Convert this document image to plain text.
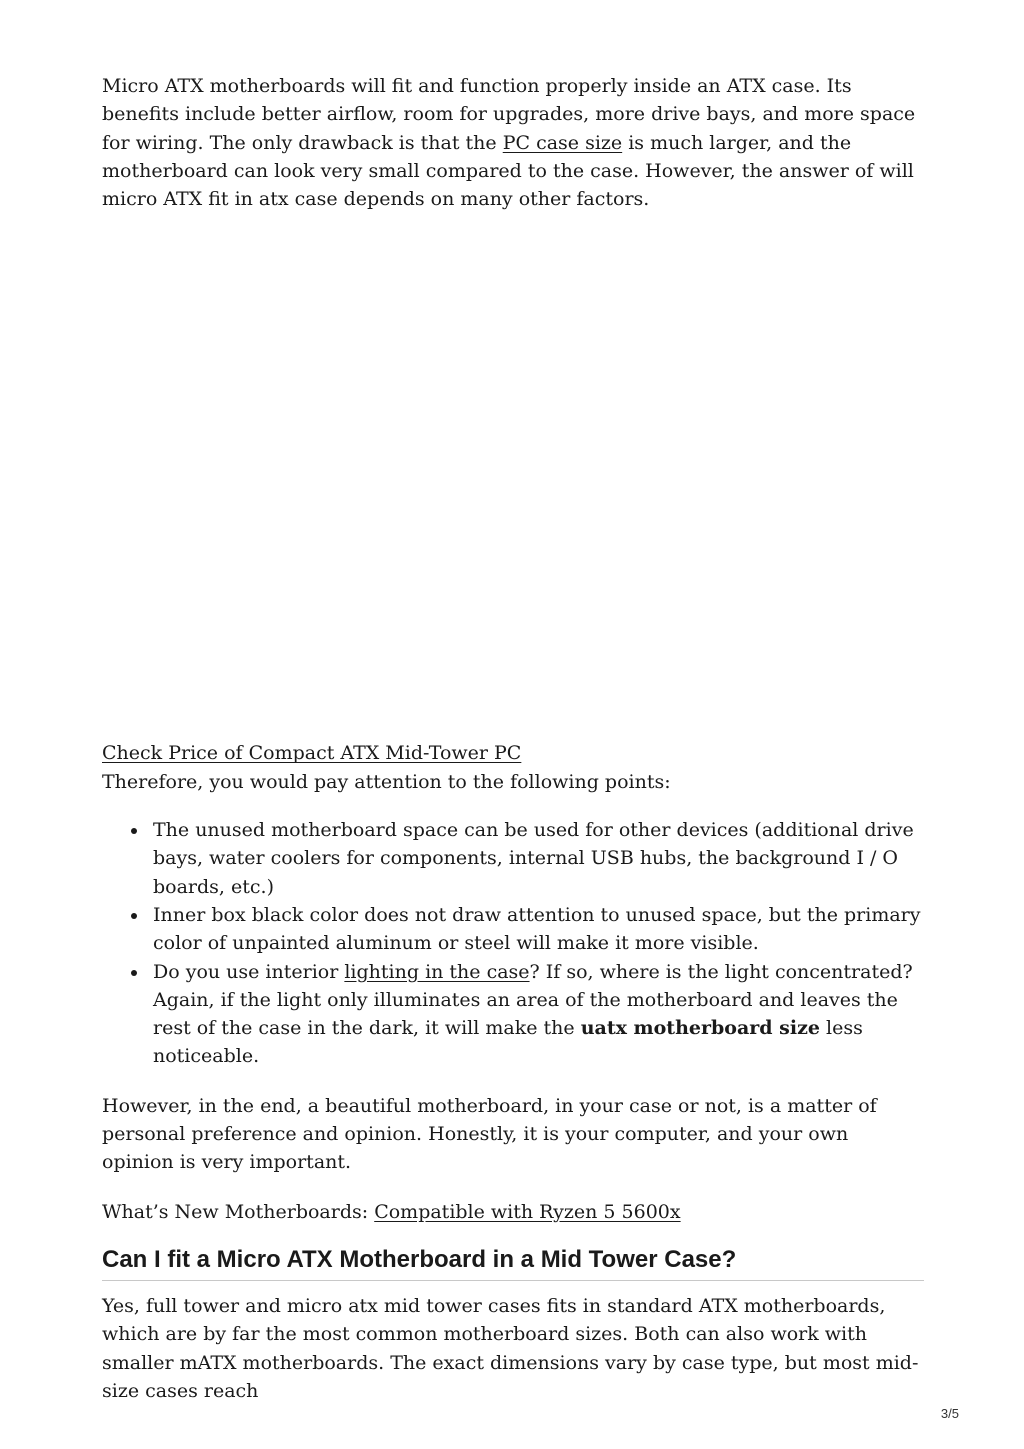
Micro ATX motherboards will fit and function properly inside an ATX case. Its benefits include better airflow, room for upgrades, more drive bays, and more space for wiring. The only drawback is that the PC case size is much larger, and the motherboard can look very small compared to the case. However, the answer of will micro ATX fit in atx case depends on many other factors.

Check Price of Compact ATX Mid-Tower PC

Therefore, you would pay attention to the following points:

The unused motherboard space can be used for other devices (additional drive bays, water coolers for components, internal USB hubs, the background I / O boards, etc.)
Inner box black color does not draw attention to unused space, but the primary color of unpainted aluminum or steel will make it more visible.
Do you use interior lighting in the case? If so, where is the light concentrated? Again, if the light only illuminates an area of the motherboard and leaves the rest of the case in the dark, it will make the uatx motherboard size less noticeable.

However, in the end, a beautiful motherboard, in your case or not, is a matter of personal preference and opinion. Honestly, it is your computer, and your own opinion is very important.

What’s New Motherboards: Compatible with Ryzen 5 5600x

Can I fit a Micro ATX Motherboard in a Mid Tower Case?

Yes, full tower and micro atx mid tower cases fits in standard ATX motherboards, which are by far the most common motherboard sizes. Both can also work with smaller mATX motherboards. The exact dimensions vary by case type, but most mid-size cases reach

3/5
